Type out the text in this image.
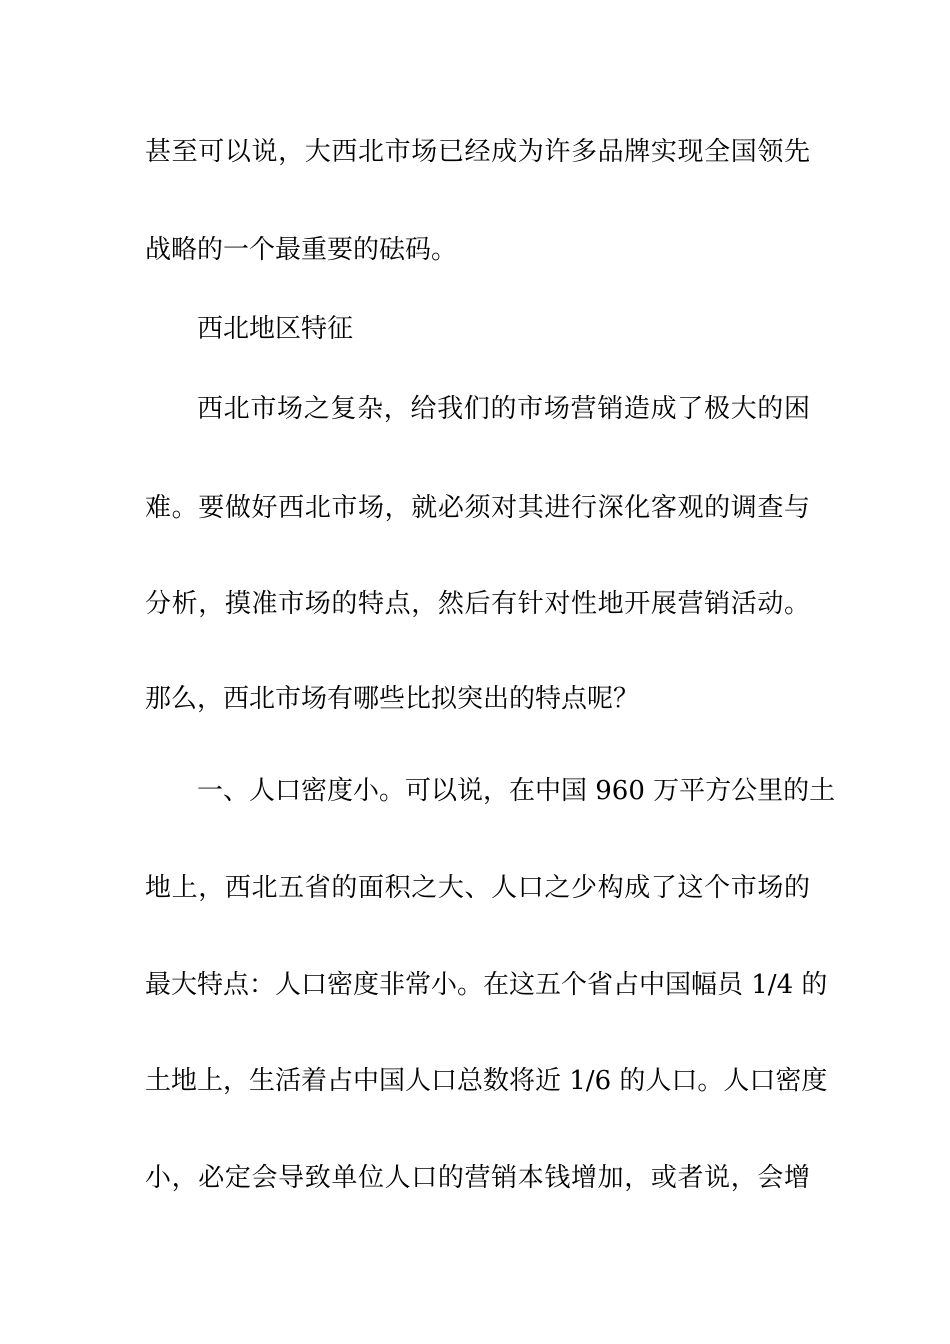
甚至可以说，大西北市场已经成为许多品牌实现全国领先
战略的一个最重要的砝码。
西北地区特征
西北市场之复杂，给我们的市场营销造成了极大的困
难。要做好西北市场，就必须对其进行深化客观的调查与
分析，摸准市场的特点，然后有针对性地开展营销活动。
那么，西北市场有哪些比拟突出的特点呢？
一、人口密度小。可以说，在中国 960 万平方公里的土
地上，西北五省的面积之大、人口之少构成了这个市场的
最大特点：人口密度非常小。在这五个省占中国幅员 1/4 的
土地上，生活着占中国人口总数将近 1/6 的人口。人口密度
小，必定会导致单位人口的营销本钱增加，或者说，会增
